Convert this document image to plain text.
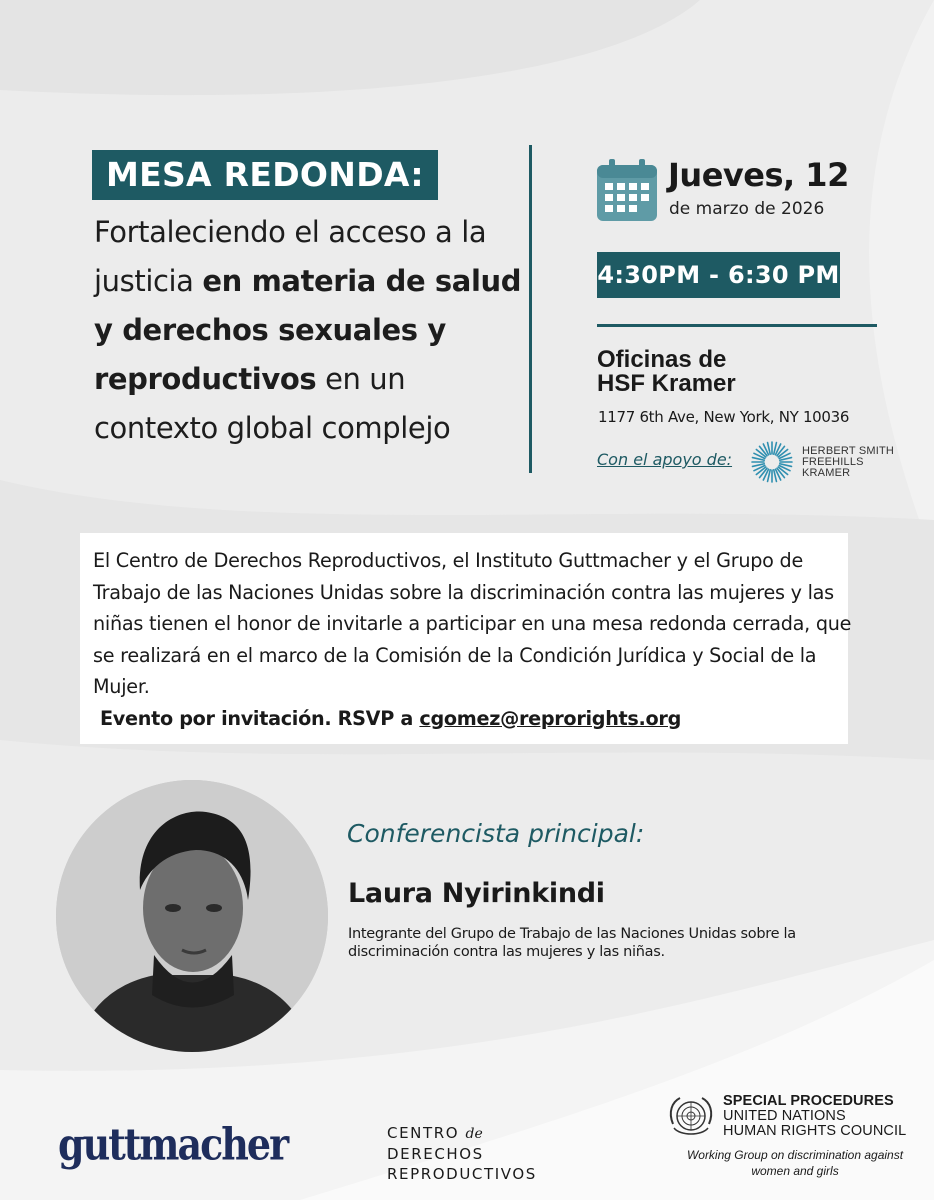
MESA REDONDA:
Fortaleciendo el acceso a la justicia en materia de salud y derechos sexuales y reproductivos en un contexto global complejo
Jueves, 12
de marzo de 2026
4:30PM - 6:30 PM
Oficinas de
HSF Kramer
1177 6th Ave, New York, NY 10036
Con el apoyo de:	HERBERT SMITH
FREEHILLS
KRAMER

El Centro de Derechos Reproductivos, el Instituto Guttmacher y el Grupo de Trabajo de las Naciones Unidas sobre la discriminación contra las mujeres y las niñas tienen el honor de invitarle a participar en una mesa redonda cerrada, que se realizará en el marco de la Comisión de la Condición Jurídica y Social de la Mujer.

Evento por invitación. RSVP a cgomez@reprorights.org
Conferencista principal:
Laura Nyirinkindi
Integrante del Grupo de Trabajo de las Naciones Unidas sobre la discriminación contra las mujeres y las niñas.
guttmacher	CENTRO de
DERECHOS
REPRODUCTIVOS
SPECIAL PROCEDURES
UNITED NATIONS
HUMAN RIGHTS COUNCIL
Working Group on discrimination against
women and girls
